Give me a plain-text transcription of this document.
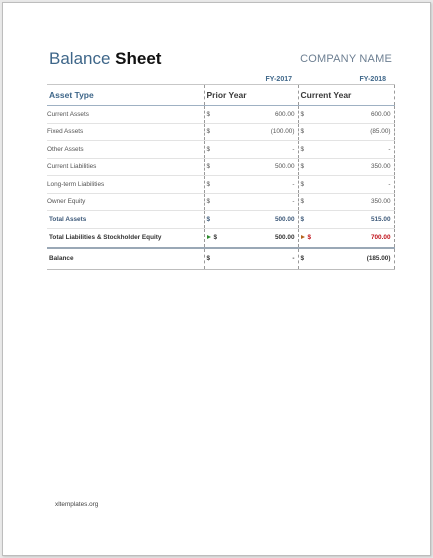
Balance Sheet	COMPANY NAME
FY-2017	FY-2018
Asset Type	Prior Year	Current Year
Current Assets	$ 600.00	$ 600.00

Fixed Assets	$ (100.00)	$ (85.00)

Other Assets	$ -	$ -

Current Liabilities	$ 500.00	$ 350.00

Long-term Liabilities	$ -	$ -

Owner Equity	$ -	$ 350.00

Total Assets	$ 500.00	$ 515.00

Total Liabilities & Stockholder Equity	$ 500.00	$ 700.00

Balance	$ -	$ (185.00)
xltemplates.org
